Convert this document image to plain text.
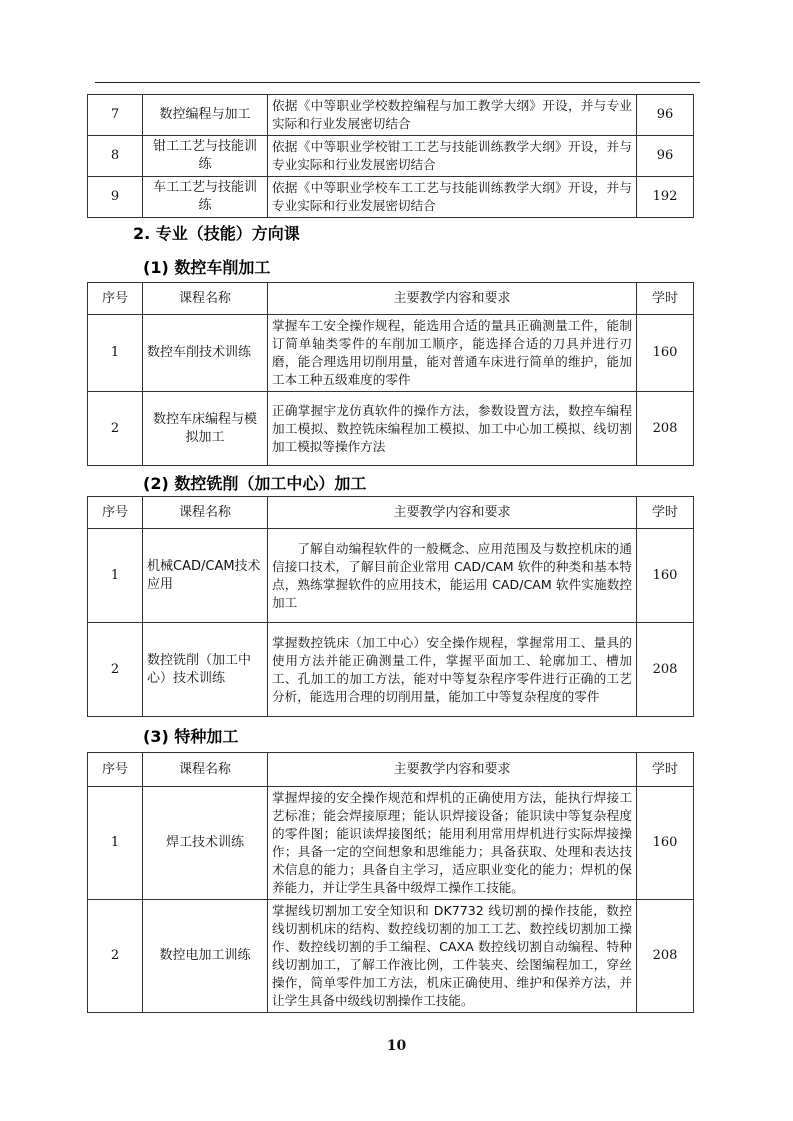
7	数控编程与加工	依据《中等职业学校数控编程与加工教学大纲》开设，并与专业实际和行业发展密切结合	96
8	钳工工艺与技能训练	依据《中等职业学校钳工工艺与技能训练教学大纲》开设，并与专业实际和行业发展密切结合	96
9	车工工艺与技能训练	依据《中等职业学校车工工艺与技能训练教学大纲》开设，并与专业实际和行业发展密切结合	192
2. 专业（技能）方向课
(1) 数控车削加工
序号	课程名称	主要教学内容和要求	学时
1	数控车削技术训练	掌握车工安全操作规程，能选用合适的量具正确测量工件，能制订简单轴类零件的车削加工顺序，能选择合适的刀具并进行刃磨，能合理选用切削用量，能对普通车床进行简单的维护，能加工本工种五级难度的零件	160
2	数控车床编程与模拟加工	正确掌握宇龙仿真软件的操作方法，参数设置方法，数控车编程加工模拟、数控铣床编程加工模拟、加工中心加工模拟、线切割加工模拟等操作方法	208
(2) 数控铣削（加工中心）加工
序号	课程名称	主要教学内容和要求	学时
1	机械CAD/CAM技术应用	了解自动编程软件的一般概念、应用范围及与数控机床的通信接口技术，了解目前企业常用 CAD/CAM 软件的种类和基本特点，熟练掌握软件的应用技术，能运用 CAD/CAM 软件实施数控加工	160
2	数控铣削（加工中心）技术训练	掌握数控铣床（加工中心）安全操作规程，掌握常用工、量具的使用方法并能正确测量工件，掌握平面加工、轮廓加工、槽加工、孔加工的加工方法，能对中等复杂程序零件进行正确的工艺分析，能选用合理的切削用量，能加工中等复杂程度的零件	208
(3) 特种加工
序号	课程名称	主要教学内容和要求	学时
1	焊工技术训练	掌握焊接的安全操作规范和焊机的正确使用方法，能执行焊接工艺标准；能会焊接原理；能认识焊接设备；能识读中等复杂程度的零件图；能识读焊接图纸；能用利用常用焊机进行实际焊接操作；具备一定的空间想象和思维能力；具备获取、处理和表达技术信息的能力；具备自主学习，适应职业变化的能力；焊机的保养能力，并让学生具备中级焊工操作工技能。	160
2	数控电加工训练	掌握线切割加工安全知识和 DK7732 线切割的操作技能，数控线切割机床的结构、数控线切割的加工工艺、数控线切割加工操作、数控线切割的手工编程、CAXA 数控线切割自动编程、特种线切割加工，了解工作液比例，工件装夹、绘图编程加工，穿丝操作，简单零件加工方法，机床正确使用、维护和保养方法，并让学生具备中级线切割操作工技能。	208
10
